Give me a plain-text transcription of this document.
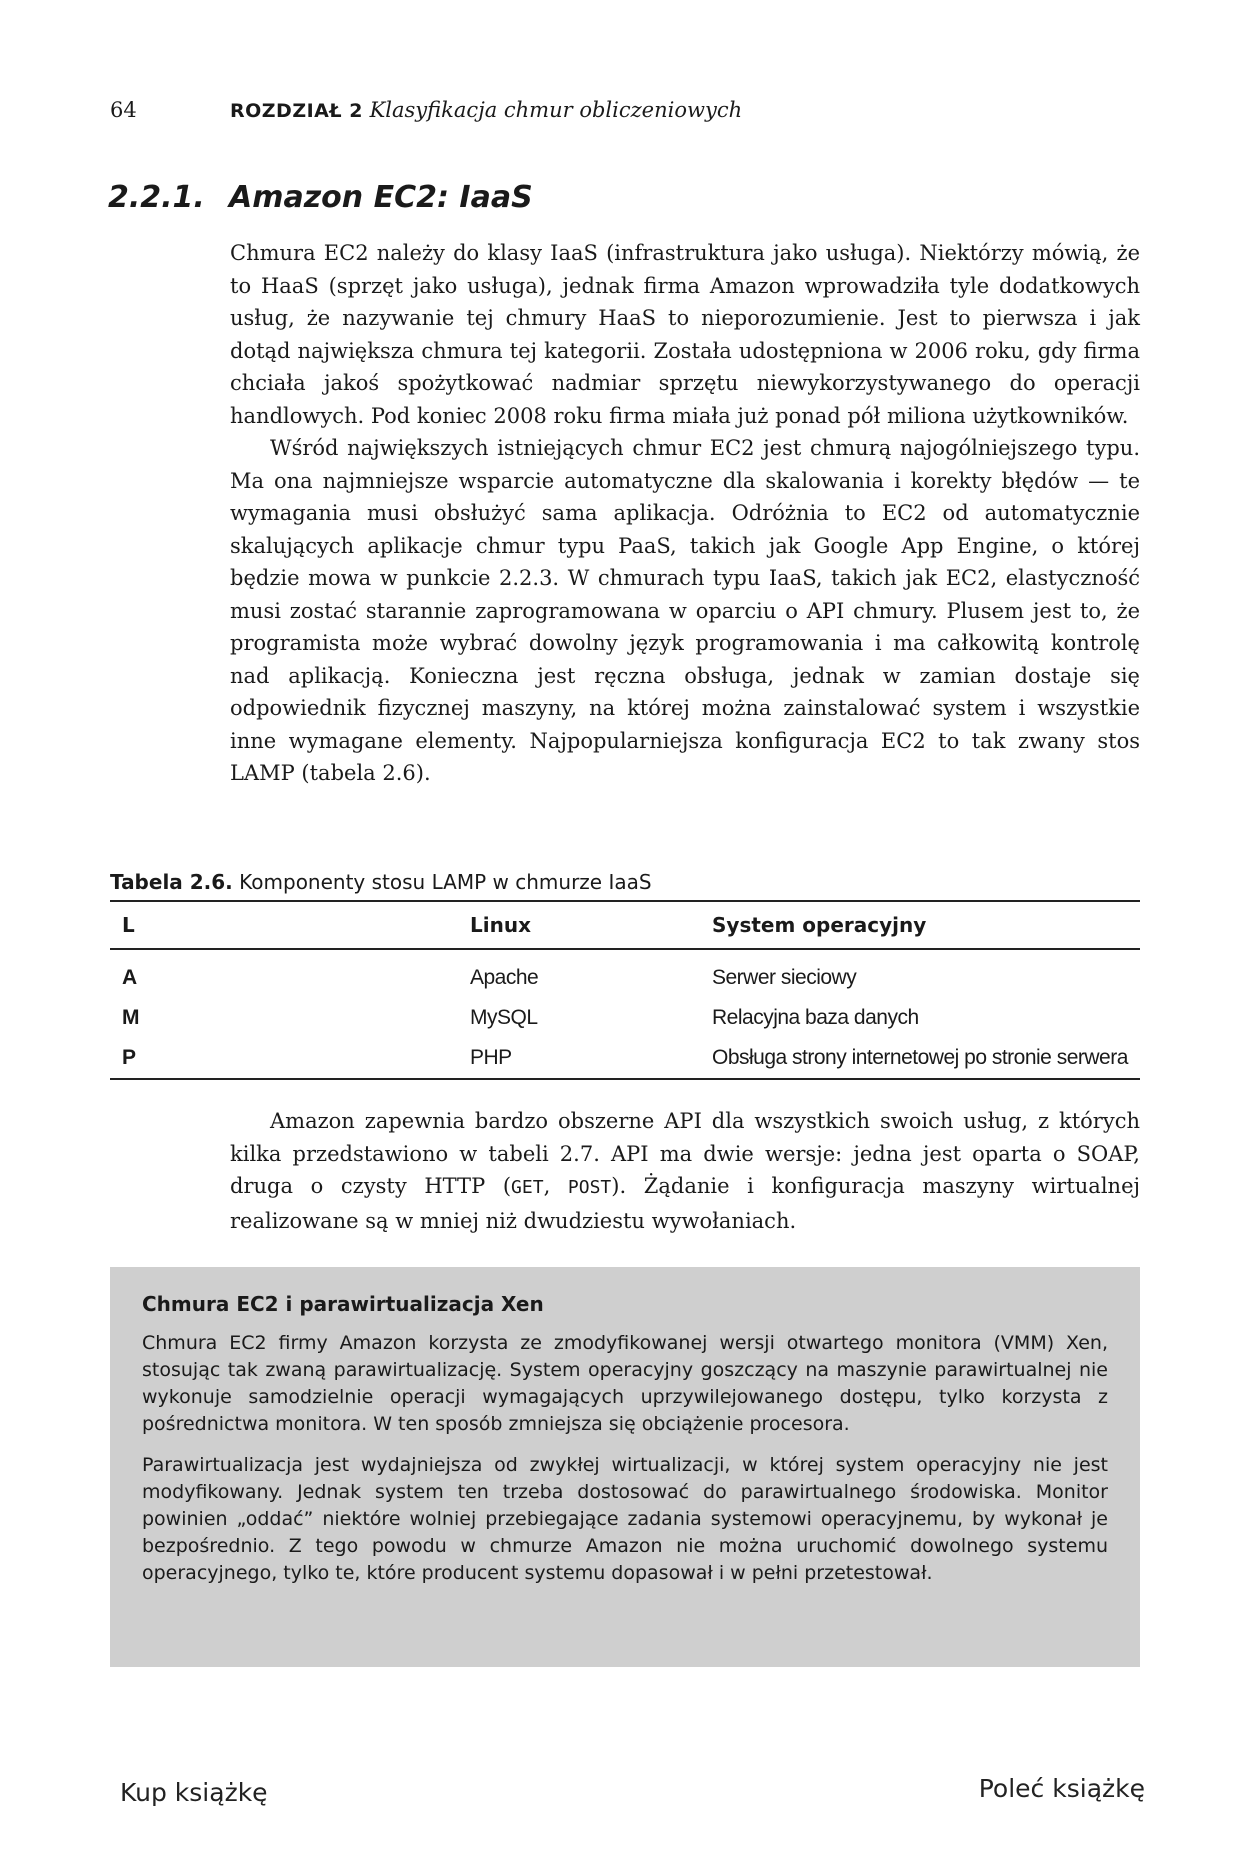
64	ROZDZIAŁ 2 Klasyfikacja chmur obliczeniowych
2.2.1. Amazon EC2: IaaS

Chmura EC2 należy do klasy IaaS (infrastruktura jako usługa). Niektórzy mówią, że to HaaS (sprzęt jako usługa), jednak firma Amazon wprowadziła tyle dodatkowych usług, że nazywanie tej chmury HaaS to nieporozumienie. Jest to pierwsza i jak dotąd największa chmura tej kategorii. Została udostępniona w 2006 roku, gdy firma chciała jakoś spożytkować nadmiar sprzętu niewykorzystywanego do operacji handlowych. Pod koniec 2008 roku firma miała już ponad pół miliona użytkowników.

Wśród największych istniejących chmur EC2 jest chmurą najogólniejszego typu. Ma ona najmniejsze wsparcie automatyczne dla skalowania i korekty błędów — te wymagania musi obsłużyć sama aplikacja. Odróżnia to EC2 od automatycznie skalujących aplikacje chmur typu PaaS, takich jak Google App Engine, o której będzie mowa w punkcie 2.2.3. W chmurach typu IaaS, takich jak EC2, elastyczność musi zostać starannie zaprogramowana w oparciu o API chmury. Plusem jest to, że programista może wybrać dowolny język programowania i ma całkowitą kontrolę nad aplikacją. Konieczna jest ręczna obsługa, jednak w zamian dostaje się odpowiednik fizycznej maszyny, na której można zainstalować system i wszystkie inne wymagane elementy. Najpopularniejsza konfiguracja EC2 to tak zwany stos LAMP (tabela 2.6).

Tabela 2.6. Komponenty stosu LAMP w chmurze IaaS
L	Linux	System operacyjny
A	Apache	Serwer sieciowy
M	MySQL	Relacyjna baza danych
P	PHP	Obsługa strony internetowej po stronie serwera

Amazon zapewnia bardzo obszerne API dla wszystkich swoich usług, z których kilka przedstawiono w tabeli 2.7. API ma dwie wersje: jedna jest oparta o SOAP, druga o czysty HTTP (GET, POST). Żądanie i konfiguracja maszyny wirtualnej realizowane są w mniej niż dwudziestu wywołaniach.

Chmura EC2 i parawirtualizacja Xen

Chmura EC2 firmy Amazon korzysta ze zmodyfikowanej wersji otwartego monitora (VMM) Xen, stosując tak zwaną parawirtualizację. System operacyjny goszczący na maszynie parawirtualnej nie wykonuje samodzielnie operacji wymagających uprzywilejowanego dostępu, tylko korzysta z pośrednictwa monitora. W ten sposób zmniejsza się obciążenie procesora.

Parawirtualizacja jest wydajniejsza od zwykłej wirtualizacji, w której system operacyjny nie jest modyfikowany. Jednak system ten trzeba dostosować do parawirtualnego środowiska. Monitor powinien „oddać” niektóre wolniej przebiegające zadania systemowi operacyjnemu, by wykonał je bezpośrednio. Z tego powodu w chmurze Amazon nie można uruchomić dowolnego systemu operacyjnego, tylko te, które producent systemu dopasował i w pełni przetestował.

Kup książkę	Poleć książkę
